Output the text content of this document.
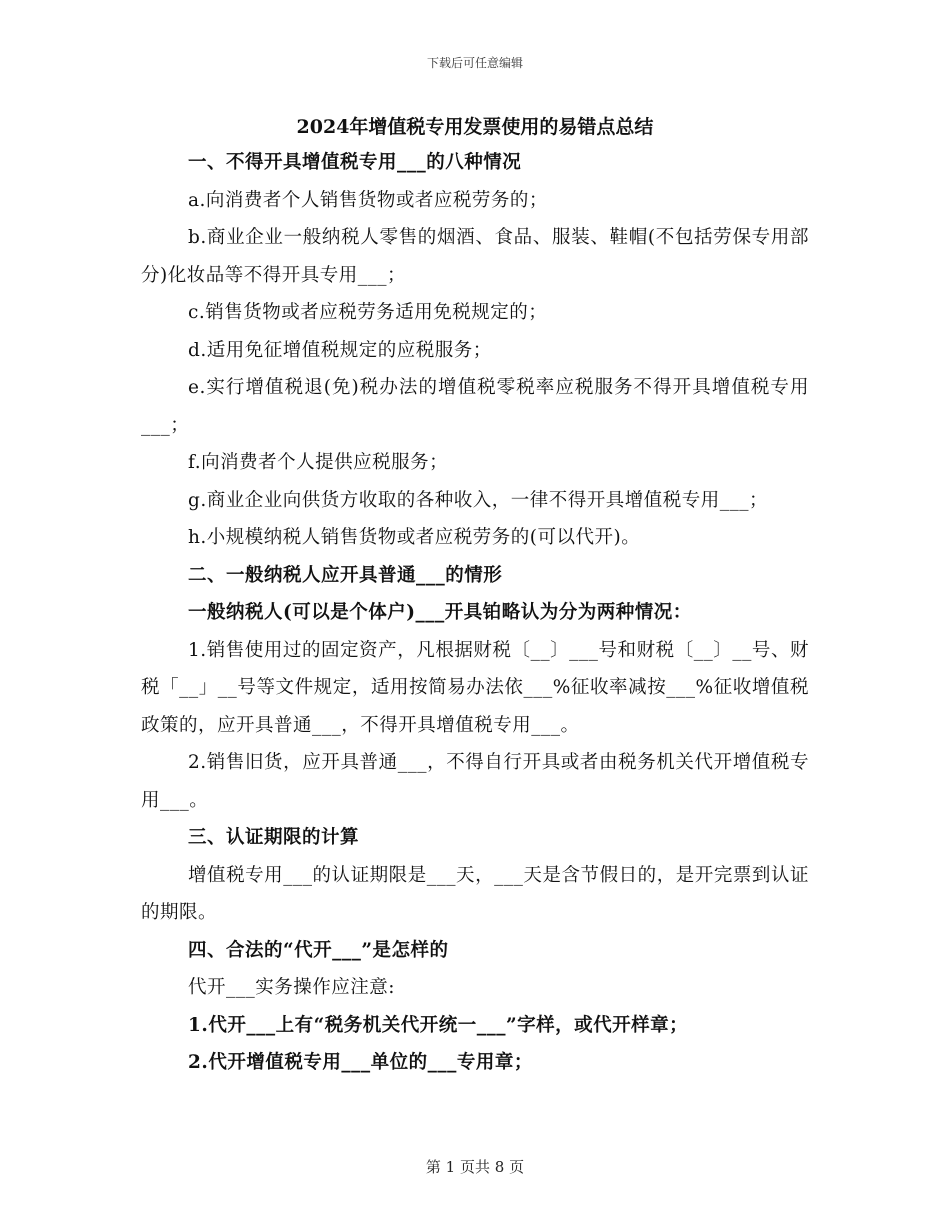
下载后可任意编辑
2024年增值税专用发票使用的易错点总结

一、不得开具增值税专用___的八种情况

a.向消费者个人销售货物或者应税劳务的；

b.商业企业一般纳税人零售的烟酒、食品、服装、鞋帽(不包括劳保专用部分)化妆品等不得开具专用___；

c.销售货物或者应税劳务适用免税规定的；

d.适用免征增值税规定的应税服务；

e.实行增值税退(免)税办法的增值税零税率应税服务不得开具增值税专用___；

f.向消费者个人提供应税服务；

g.商业企业向供货方收取的各种收入，一律不得开具增值税专用___；

h.小规模纳税人销售货物或者应税劳务的(可以代开)。

二、一般纳税人应开具普通___的情形

一般纳税人(可以是个体户)___开具铂略认为分为两种情况：

1.销售使用过的固定资产，凡根据财税〔__〕___号和财税〔__〕__号、财税「__」__号等文件规定，适用按简易办法依___%征收率减按___%征收增值税政策的，应开具普通___，不得开具增值税专用___。

2.销售旧货，应开具普通___，不得自行开具或者由税务机关代开增值税专用___。

三、认证期限的计算

增值税专用___的认证期限是___天，___天是含节假日的，是开完票到认证的期限。

四、合法的“代开___”是怎样的

代开___实务操作应注意:

1.代开___上有“税务机关代开统一___”字样，或代开样章；

2.代开增值税专用___单位的___专用章；

第 1 页共 8 页
